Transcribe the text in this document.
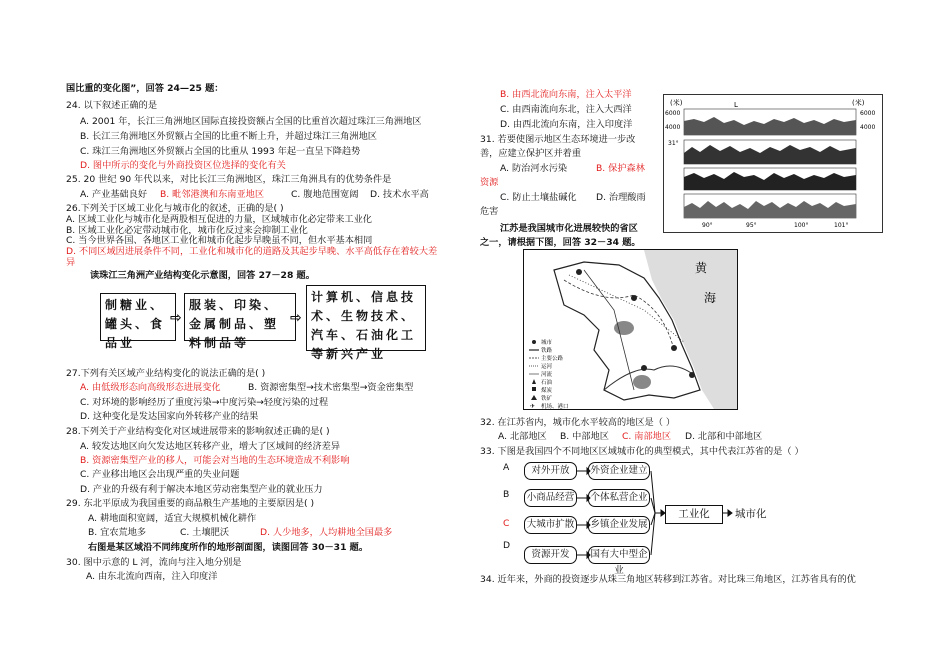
国比重的变化图”，回答 24—25 题：
24. 以下叙述正确的是
A. 2001 年，长江三角洲地区国际直接投资额占全国的比重首次超过珠江三角洲地区
B. 长江三角洲地区外贸额占全国的比重不断上升，并超过珠江三角洲地区
C. 珠江三角洲地区外贸额占全国的比重从 1993 年起一直呈下降趋势
D. 图中所示的变化与外商投资区位选择的变化有关
25. 20 世纪 90 年代以来，对比长江三角洲地区，珠江三角洲具有的优势条件是
A. 产业基础良好 B. 毗邻港澳和东南亚地区	C. 腹地范围宽阔 D. 技术水平高
26.下列关于区域工业化与城市化的叙述，正确的是( )
A. 区域工业化与城市化是两股相互促进的力量，区域城市化必定带来工业化
B. 区域工业化必定带动城市化，城市化反过来会抑制工业化
C. 当今世界各国、各地区工业化和城市化起步早晚虽不同，但水平基本相同
D. 不同区域因进展条件不同，工业化和城市化的道路及其起步早晚、水平高低存在着较大差
异
读珠江三角洲产业结构变化示意图，回答 27－28 题。
制糖业、罐头、食品业
⇨
服装、印染、金属制品、塑料制品等
⇨
计算机、信息技术、生物技术、汽车、石油化工等新兴产业
27.下列有关区域产业结构变化的说法正确的是( )
A. 由低级形态向高级形态进展变化	B. 资源密集型→技术密集型→资金密集型
C. 对环境的影响经历了重度污染→中度污染→轻度污染的过程
D. 这种变化是发达国家向外转移产业的结果
28.下列关于产业结构变化对区域进展带来的影响叙述正确的是( )
A. 较发达地区向欠发达地区转移产业，增大了区域间的经济差异
B. 资源密集型产业的移人，可能会对当地的生态环境造成不利影响
C. 产业移出地区会出现严重的失业问题
D. 产业的升级有利于解决本地区劳动密集型产业的就业压力
29. 东北平原成为我国重要的商品粮生产基地的主要原因是( )
A. 耕地面积宽阔，适宜大规模机械化耕作
B. 宜农荒地多	C. 土壤肥沃	D. 人少地多，人均耕地全国最多
右图是某区域沿不同纬度所作的地形剖面图，读图回答 30－31 题。
30. 图中示意的 L 河，流向与注入地分别是
A. 由东北流向西南，注入印度洋
B. 由西北流向东南，注入太平洋
C. 由西南流向东北，注入大西洋
D. 由西北流向东南，注入印度洋
31. 若要使图示地区生态环境进一步改
善，应建立保护区并着重
A. 防治河水污染	B. 保护森林
资源
C. 防止土壤盐碱化 D. 治理酸雨
危害
江苏是我国城市化进展较快的省区
之一，请根据下图，回答 32－34 题。
(米)	(米)
L
6000
4000
6000
4000
31°
90°	95°	100°	101°
黄
海
城市
铁路
主要公路
运河
河流
石油
煤炭
铁矿
机场、港口
✈
32. 在江苏省内，城市化水平较高的地区是（ ）
A. 北部地区 B. 中部地区 C. 南部地区 D. 北部和中部地区
33. 下图是我国四个不同地区区域城市化的典型模式，其中代表江苏省的是（ ）
A
B
C
D
对外开放
小商品经营
大城市扩散
资源开发
外资企业建立
个体私营企业
乡镇企业发展
国有大中型企业
工业化	城市化
34. 近年来，外商的投资逐步从珠三角地区转移到江苏省。对比珠三角地区，江苏省具有的优
